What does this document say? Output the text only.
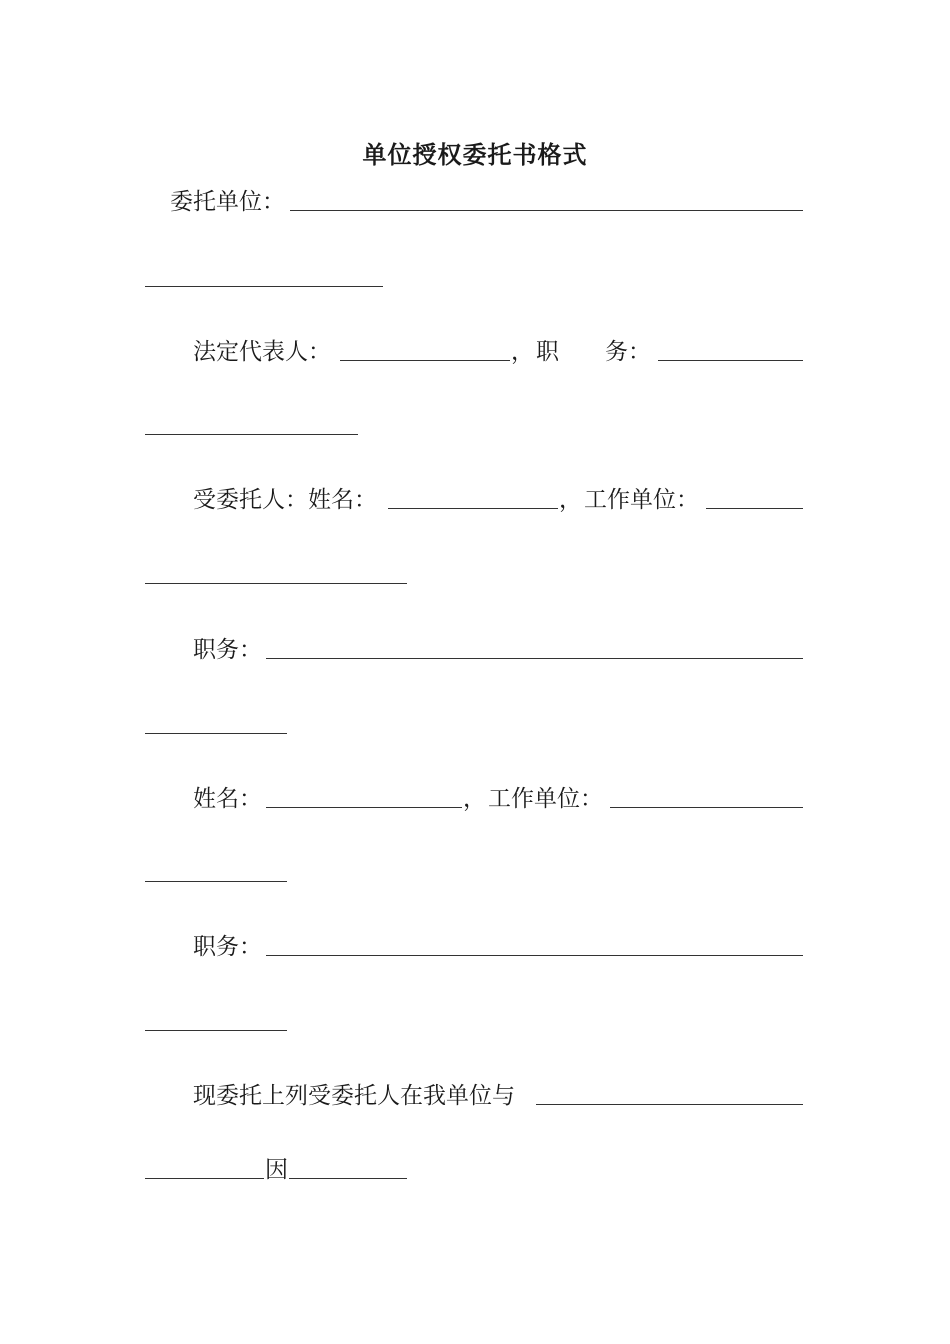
单位授权委托书格式
委托单位：
法定代表人：	， 职　　务：
受委托人：姓名：	， 工作单位：
职务：
姓名：	， 工作单位：
职务：
现委托上列受委托人在我单位与
因
